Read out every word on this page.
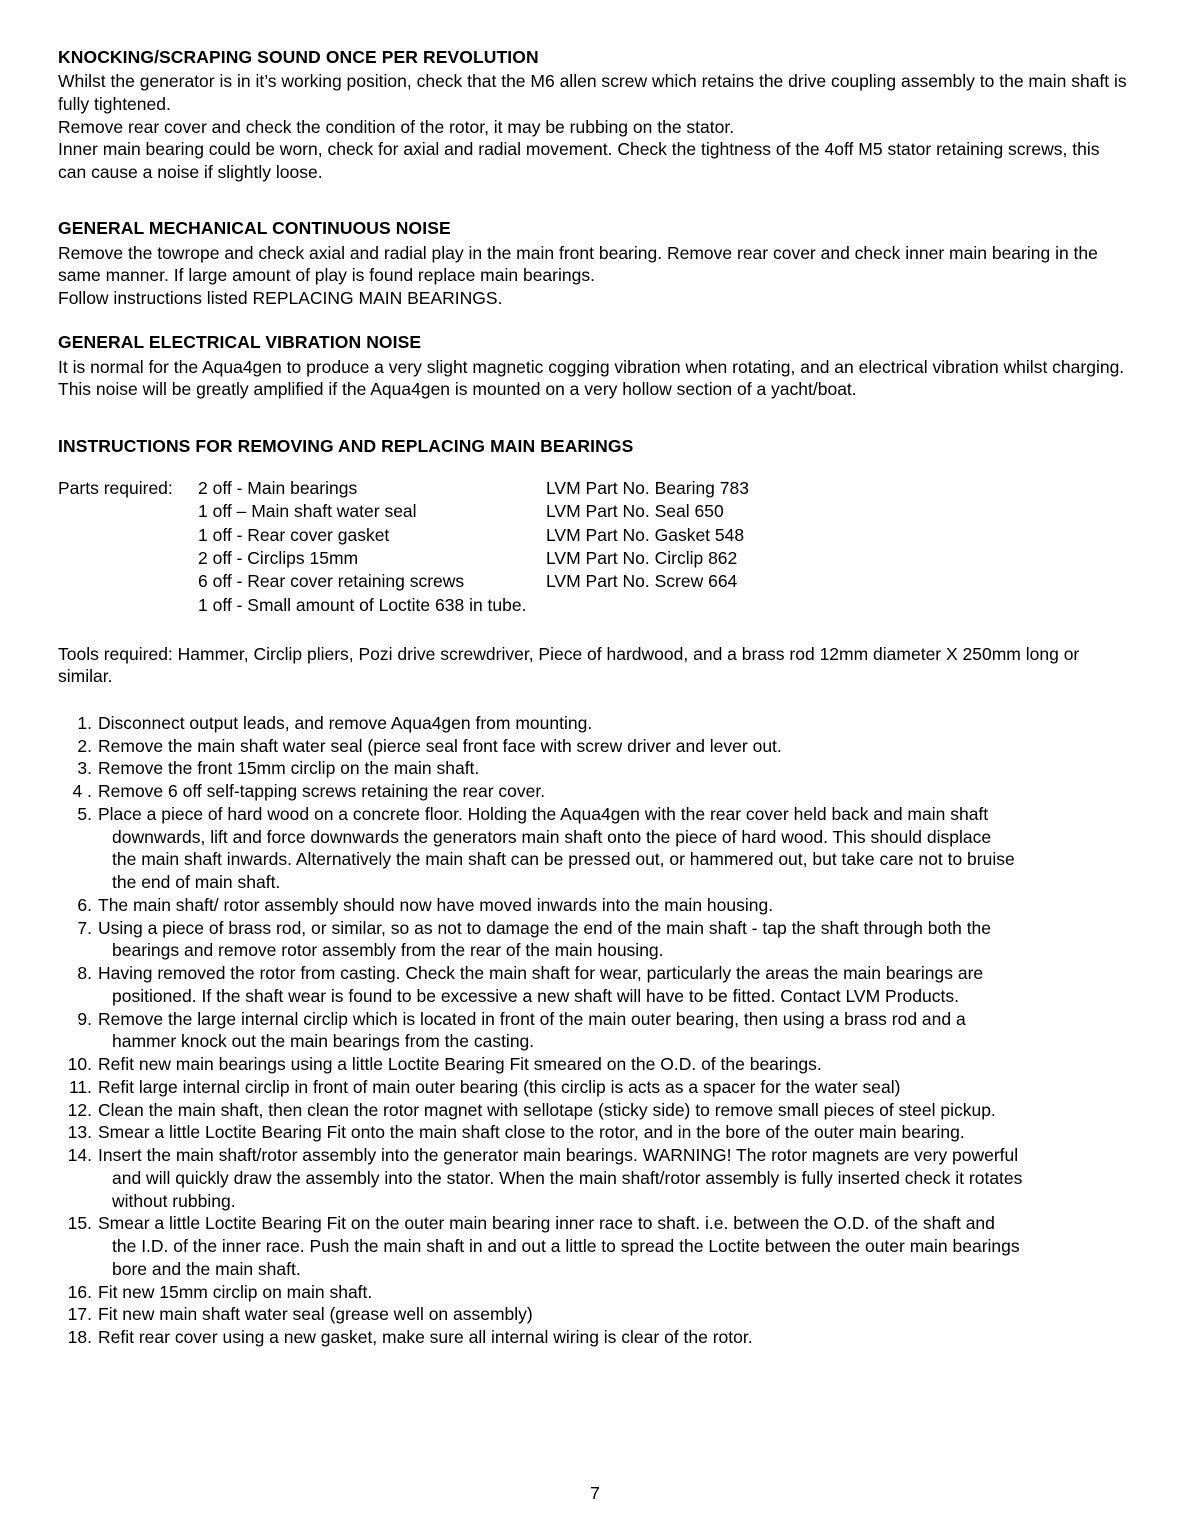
KNOCKING/SCRAPING SOUND ONCE PER REVOLUTION

Whilst the generator is in it’s working position, check that the M6 allen screw which retains the drive coupling assembly to the main shaft is fully tightened.

Remove rear cover and check the condition of the rotor, it may be rubbing on the stator.

Inner main bearing could be worn, check for axial and radial movement. Check the tightness of the 4off M5 stator retaining screws, this can cause a noise if slightly loose.

GENERAL MECHANICAL CONTINUOUS NOISE

Remove the towrope and check axial and radial play in the main front bearing. Remove rear cover and check inner main bearing in the same manner. If large amount of play is found replace main bearings.

Follow instructions listed REPLACING MAIN BEARINGS.

GENERAL ELECTRICAL VIBRATION NOISE

It is normal for the Aqua4gen to produce a very slight magnetic cogging vibration when rotating, and an electrical vibration whilst charging. This noise will be greatly amplified if the Aqua4gen is mounted on a very hollow section of a yacht/boat.

INSTRUCTIONS FOR REMOVING AND REPLACING MAIN BEARINGS
Parts required:	2 off - Main bearings	LVM Part No. Bearing 783
1 off – Main shaft water seal	LVM Part No. Seal 650
1 off - Rear cover gasket	LVM Part No. Gasket 548
2 off - Circlips 15mm	LVM Part No. Circlip 862
6 off - Rear cover retaining screws	LVM Part No. Screw 664
1 off - Small amount of Loctite 638 in tube.

Tools required: Hammer, Circlip pliers, Pozi drive screwdriver, Piece of hardwood, and a brass rod 12mm diameter X 250mm long or similar.

1. Disconnect output leads, and remove Aqua4gen from mounting.
2. Remove the main shaft water seal (pierce seal front face with screw driver and lever out.
3. Remove the front 15mm circlip on the main shaft.
4 . Remove 6 off self-tapping screws retaining the rear cover.
5. Place a piece of hard wood on a concrete floor. Holding the Aqua4gen with the rear cover held back and main shaft
downwards, lift and force downwards the generators main shaft onto the piece of hard wood. This should displace
the main shaft inwards. Alternatively the main shaft can be pressed out, or hammered out, but take care not to bruise
the end of main shaft.
6. The main shaft/ rotor assembly should now have moved inwards into the main housing.
7. Using a piece of brass rod, or similar, so as not to damage the end of the main shaft - tap the shaft through both the
bearings and remove rotor assembly from the rear of the main housing.
8. Having removed the rotor from casting. Check the main shaft for wear, particularly the areas the main bearings are
positioned. If the shaft wear is found to be excessive a new shaft will have to be fitted. Contact LVM Products.
9. Remove the large internal circlip which is located in front of the main outer bearing, then using a brass rod and a
hammer knock out the main bearings from the casting.
10. Refit new main bearings using a little Loctite Bearing Fit smeared on the O.D. of the bearings.
11. Refit large internal circlip in front of main outer bearing (this circlip is acts as a spacer for the water seal)
12. Clean the main shaft, then clean the rotor magnet with sellotape (sticky side) to remove small pieces of steel pickup.
13. Smear a little Loctite Bearing Fit onto the main shaft close to the rotor, and in the bore of the outer main bearing.
14. Insert the main shaft/rotor assembly into the generator main bearings. WARNING! The rotor magnets are very powerful
and will quickly draw the assembly into the stator. When the main shaft/rotor assembly is fully inserted check it rotates
without rubbing.
15. Smear a little Loctite Bearing Fit on the outer main bearing inner race to shaft. i.e. between the O.D. of the shaft and
the I.D. of the inner race. Push the main shaft in and out a little to spread the Loctite between the outer main bearings
bore and the main shaft.
16. Fit new 15mm circlip on main shaft.
17. Fit new main shaft water seal (grease well on assembly)
18. Refit rear cover using a new gasket, make sure all internal wiring is clear of the rotor.
7
